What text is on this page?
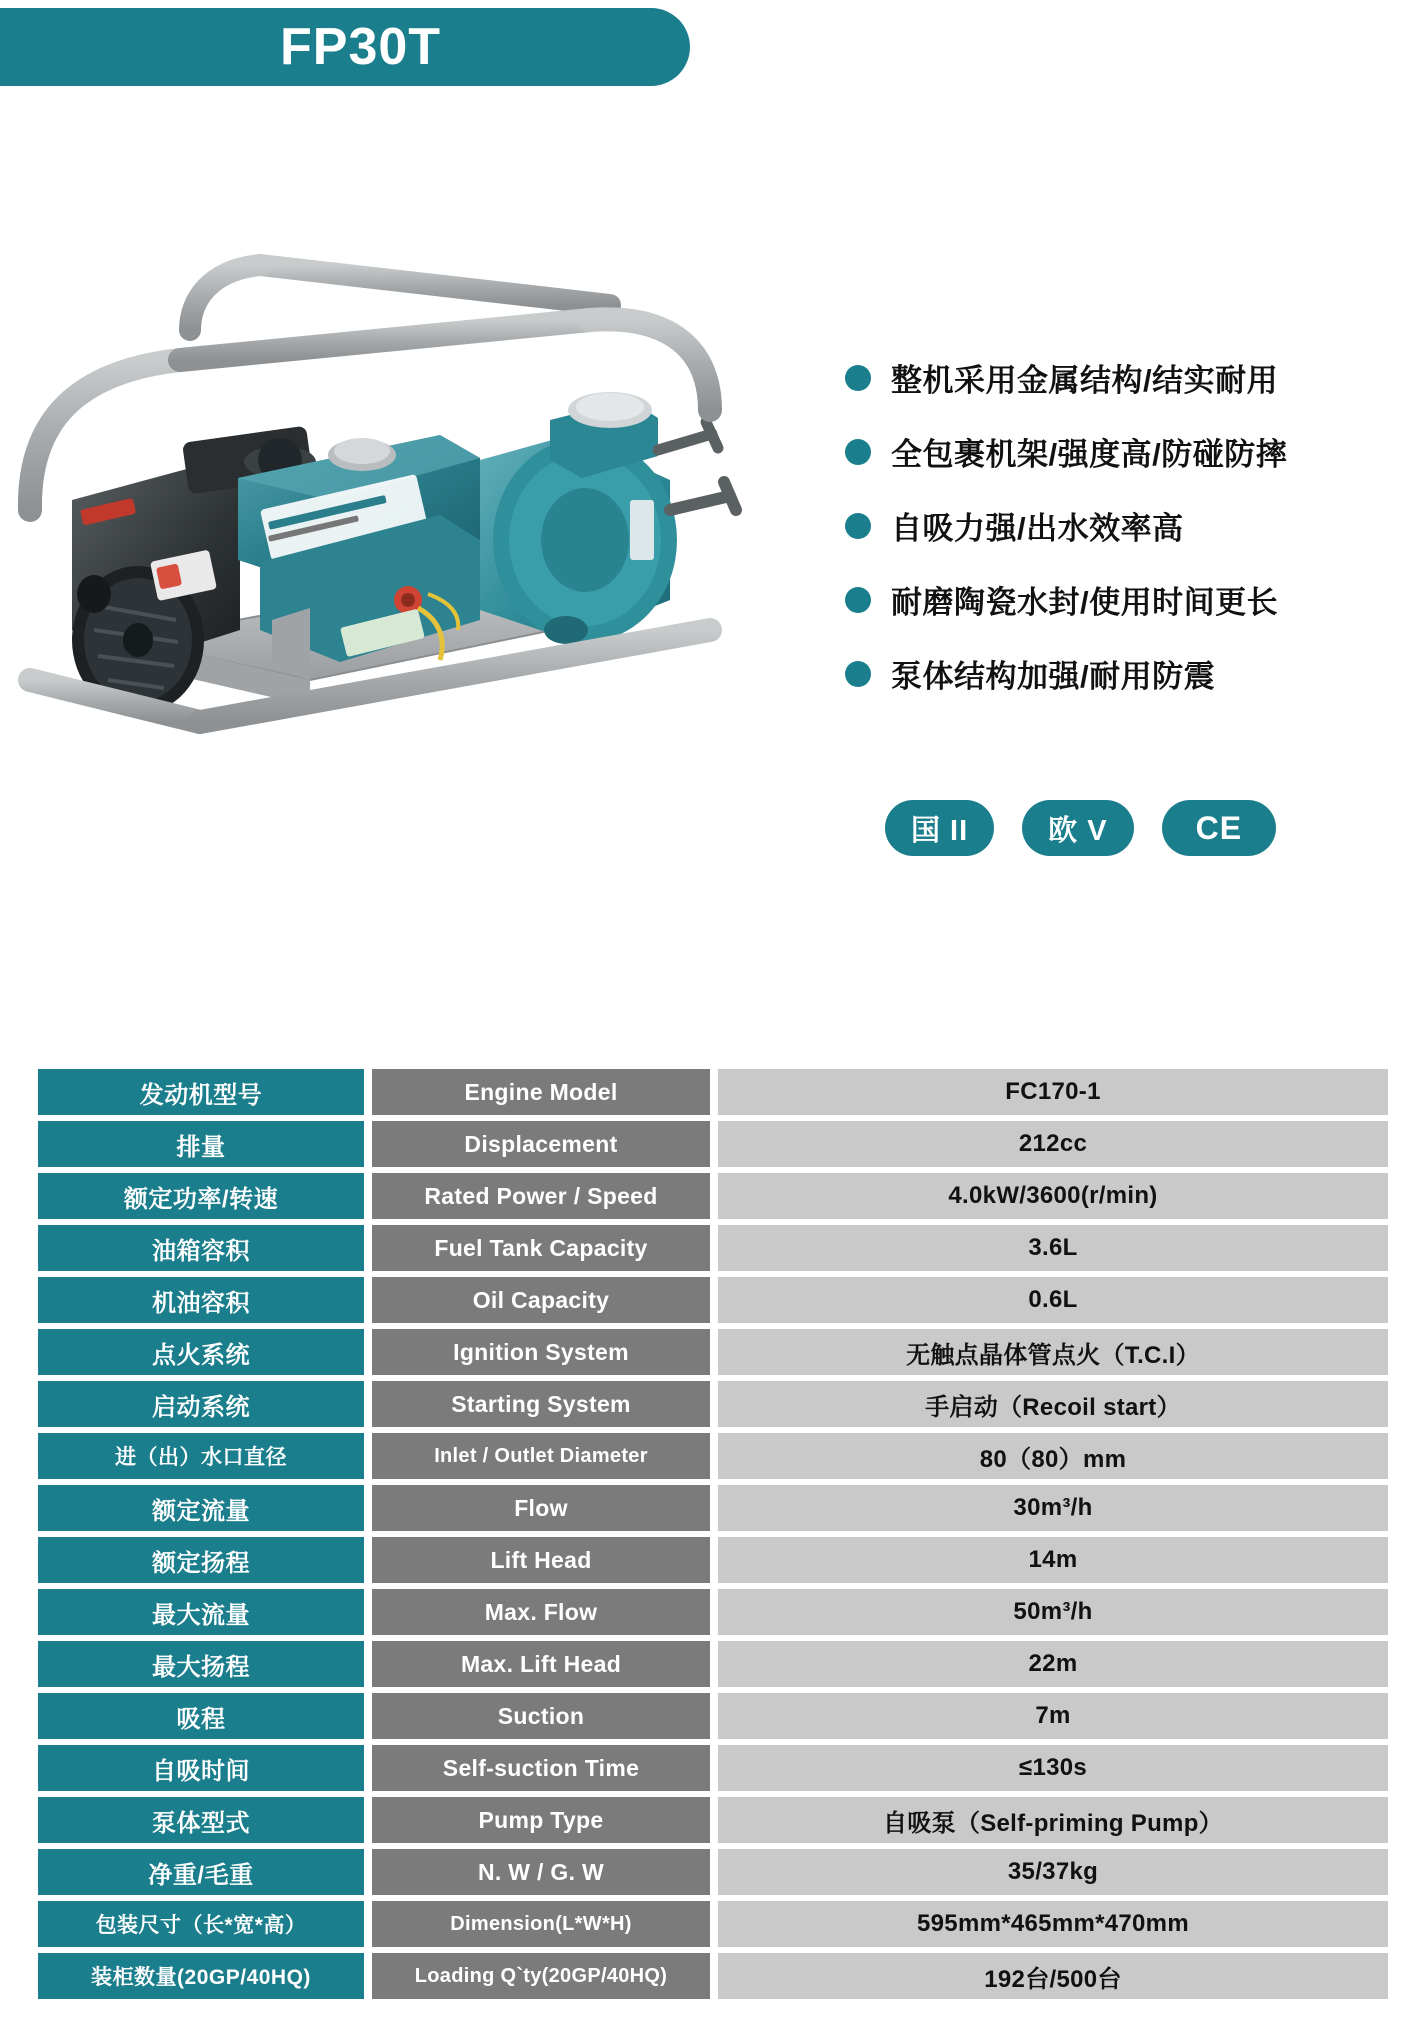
FP30T
整机采用金属结构/结实耐用
全包裹机架/强度高/防碰防摔
自吸力强/出水效率高
耐磨陶瓷水封/使用时间更长
泵体结构加强/耐用防震
国 II	欧 V	CE
发动机型号	Engine Model	FC170-1
排量	Displacement	212cc
额定功率/转速	Rated Power / Speed	4.0kW/3600(r/min)
油箱容积	Fuel Tank Capacity	3.6L
机油容积	Oil Capacity	0.6L
点火系统	Ignition System	无触点晶体管点火（T.C.I）
启动系统	Starting System	手启动（Recoil start）
进（出）水口直径	Inlet / Outlet Diameter	80（80）mm
额定流量	Flow	30m³/h
额定扬程	Lift Head	14m
最大流量	Max. Flow	50m³/h
最大扬程	Max. Lift Head	22m
吸程	Suction	7m
自吸时间	Self-suction Time	≤130s
泵体型式	Pump Type	自吸泵（Self-priming Pump）
净重/毛重	N. W / G. W	35/37kg
包装尺寸（长*宽*高）	Dimension(L*W*H)	595mm*465mm*470mm
装柜数量(20GP/40HQ)	Loading Q`ty(20GP/40HQ)	192台/500台
